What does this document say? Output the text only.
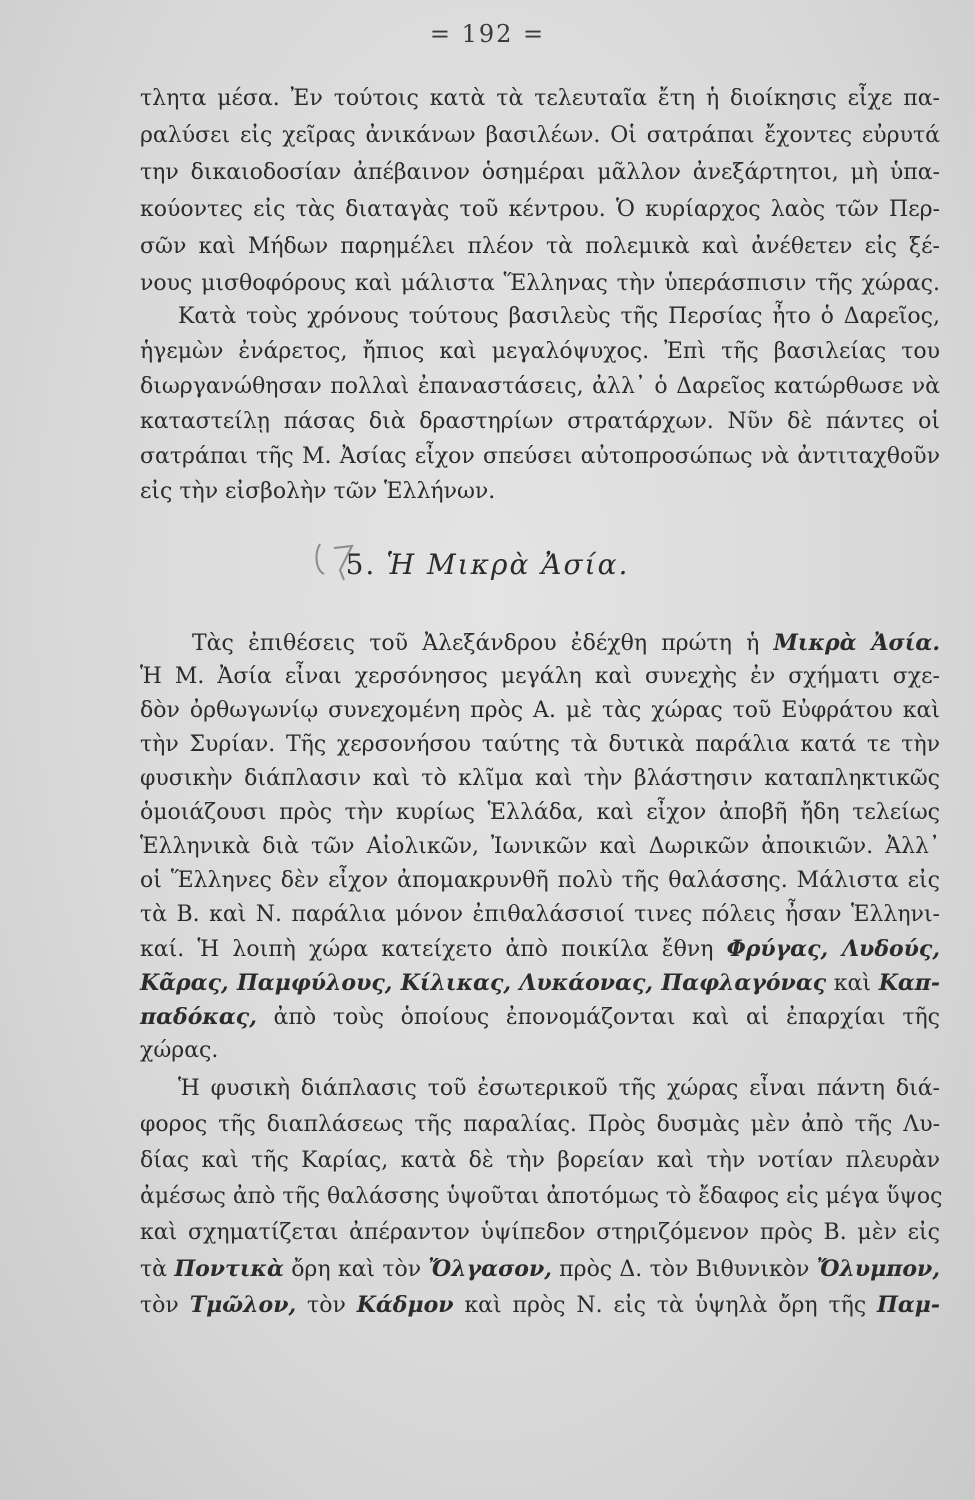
= 192 =
τλητα μέσα. Ἐν τούτοις κατὰ τὰ τελευταῖα ἔτη ἡ διοίκησις εἶχε πα-
ραλύσει εἰς χεῖρας ἀνικάνων βασιλέων. Οἱ σατράπαι ἔχοντες εὐρυτά
την δικαιοδοσίαν ἀπέβαινον ὁσημέραι μᾶλλον ἀνεξάρτητοι, μὴ ὑπα-
κούοντες εἰς τὰς διαταγὰς τοῦ κέντρου. Ὁ κυρίαρχος λαὸς τῶν Περ-
σῶν καὶ Μήδων παρημέλει πλέον τὰ πολεμικὰ καὶ ἀνέθετεν εἰς ξέ-
νους μισθοφόρους καὶ μάλιστα Ἕλληνας τὴν ὑπεράσπισιν τῆς χώρας.
Κατὰ τοὺς χρόνους τούτους βασιλεὺς τῆς Περσίας ἦτο ὁ Δαρεῖος,
ἡγεμὼν ἐνάρετος, ἤπιος καὶ μεγαλόψυχος. Ἐπὶ τῆς βασιλείας του
διωργανώθησαν πολλαὶ ἐπαναστάσεις, ἀλλ᾽ ὁ Δαρεῖος κατώρθωσε νὰ
καταστείλῃ πάσας διὰ δραστηρίων στρατάρχων. Νῦν δὲ πάντες οἱ
σατράπαι τῆς Μ. Ἀσίας εἶχον σπεύσει αὐτοπροσώπως νὰ ἀντιταχθοῦν
εἰς τὴν εἰσβολὴν τῶν Ἑλλήνων.
5. Ἡ Μικρὰ Ἀσία.
Τὰς ἐπιθέσεις τοῦ Ἀλεξάνδρου ἐδέχθη πρώτη ἡ Μικρὰ Ἀσία.
Ἡ Μ. Ἀσία εἶναι χερσόνησος μεγάλη καὶ συνεχὴς ἐν σχήματι σχε-
δὸν ὀρθωγωνίῳ συνεχομένη πρὸς Α. μὲ τὰς χώρας τοῦ Εὐφράτου καὶ
τὴν Συρίαν. Τῆς χερσονήσου ταύτης τὰ δυτικὰ παράλια κατά τε τὴν
φυσικὴν διάπλασιν καὶ τὸ κλῖμα καὶ τὴν βλάστησιν καταπληκτικῶς
ὁμοιάζουσι πρὸς τὴν κυρίως Ἑλλάδα, καὶ εἶχον ἀποβῆ ἤδη τελείως
Ἑλληνικὰ διὰ τῶν Αἰολικῶν, Ἰωνικῶν καὶ Δωρικῶν ἀποικιῶν. Ἀλλ᾽
οἱ Ἕλληνες δὲν εἶχον ἀπομακρυνθῆ πολὺ τῆς θαλάσσης. Μάλιστα εἰς
τὰ Β. καὶ Ν. παράλια μόνον ἐπιθαλάσσιοί τινες πόλεις ἦσαν Ἑλληνι-
καί. Ἡ λοιπὴ χώρα κατείχετο ἀπὸ ποικίλα ἔθνη Φρύγας, Λυδούς,
Κᾶρας, Παμφύλους, Κίλικας, Λυκάονας, Παφλαγόνας καὶ Καπ-
παδόκας, ἀπὸ τοὺς ὁποίους ἐπονομάζονται καὶ αἱ ἐπαρχίαι τῆς
χώρας.
Ἡ φυσικὴ διάπλασις τοῦ ἐσωτερικοῦ τῆς χώρας εἶναι πάντη διά-
φορος τῆς διαπλάσεως τῆς παραλίας. Πρὸς δυσμὰς μὲν ἀπὸ τῆς Λυ-
δίας καὶ τῆς Καρίας, κατὰ δὲ τὴν βορείαν καὶ τὴν νοτίαν πλευρὰν
ἀμέσως ἀπὸ τῆς θαλάσσης ὑψοῦται ἀποτόμως τὸ ἔδαφος εἰς μέγα ὕψος
καὶ σχηματίζεται ἀπέραντον ὑψίπεδον στηριζόμενον πρὸς Β. μὲν εἰς
τὰ Ποντικὰ ὄρη καὶ τὸν Ὄλγασον, πρὸς Δ. τὸν Βιθυνικὸν Ὄλυμπον,
τὸν Τμῶλον, τὸν Κάδμον καὶ πρὸς Ν. εἰς τὰ ὑψηλὰ ὄρη τῆς Παμ-
